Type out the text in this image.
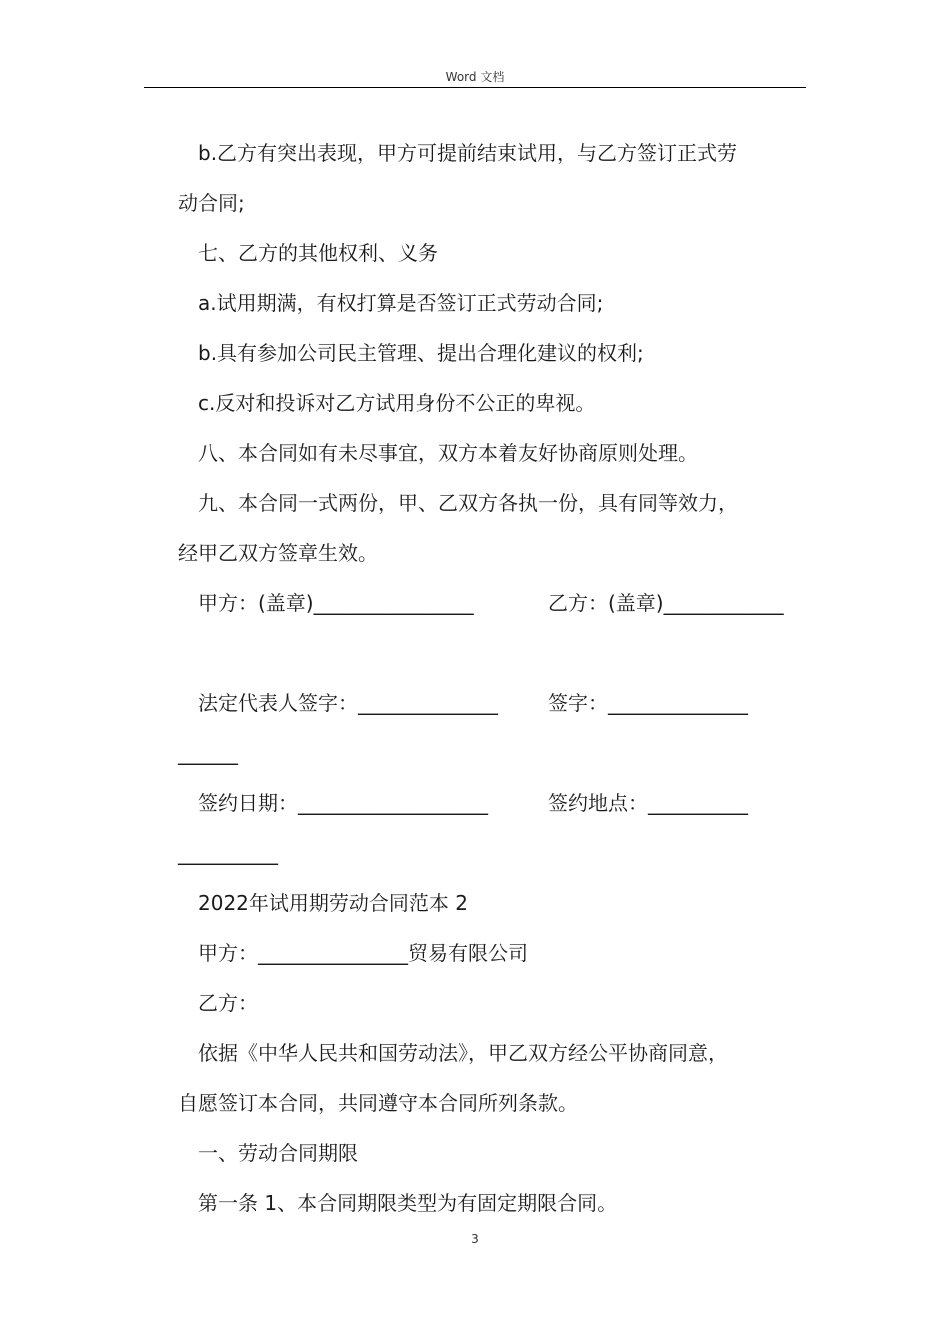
Word 文档
b.乙方有突出表现，甲方可提前结束试用，与乙方签订正式劳
动合同;
七、乙方的其他权利、义务
a.试用期满，有权打算是否签订正式劳动合同;
b.具有参加公司民主管理、提出合理化建议的权利;
c.反对和投诉对乙方试用身份不公正的卑视。
八、本合同如有未尽事宜，双方本着友好协商原则处理。
九、本合同一式两份，甲、乙双方各执一份，具有同等效力，
经甲乙双方签章生效。
甲方：(盖章)________________	乙方：(盖章)____________
法定代表人签字：______________	签字：______________
______
签约日期：___________________	签约地点：__________
__________
2022年试用期劳动合同范本 2
甲方：_______________贸易有限公司
乙方：
依据《中华人民共和国劳动法》，甲乙双方经公平协商同意，
自愿签订本合同，共同遵守本合同所列条款。
一、劳动合同期限
第一条 1、本合同期限类型为有固定期限合同。
3
